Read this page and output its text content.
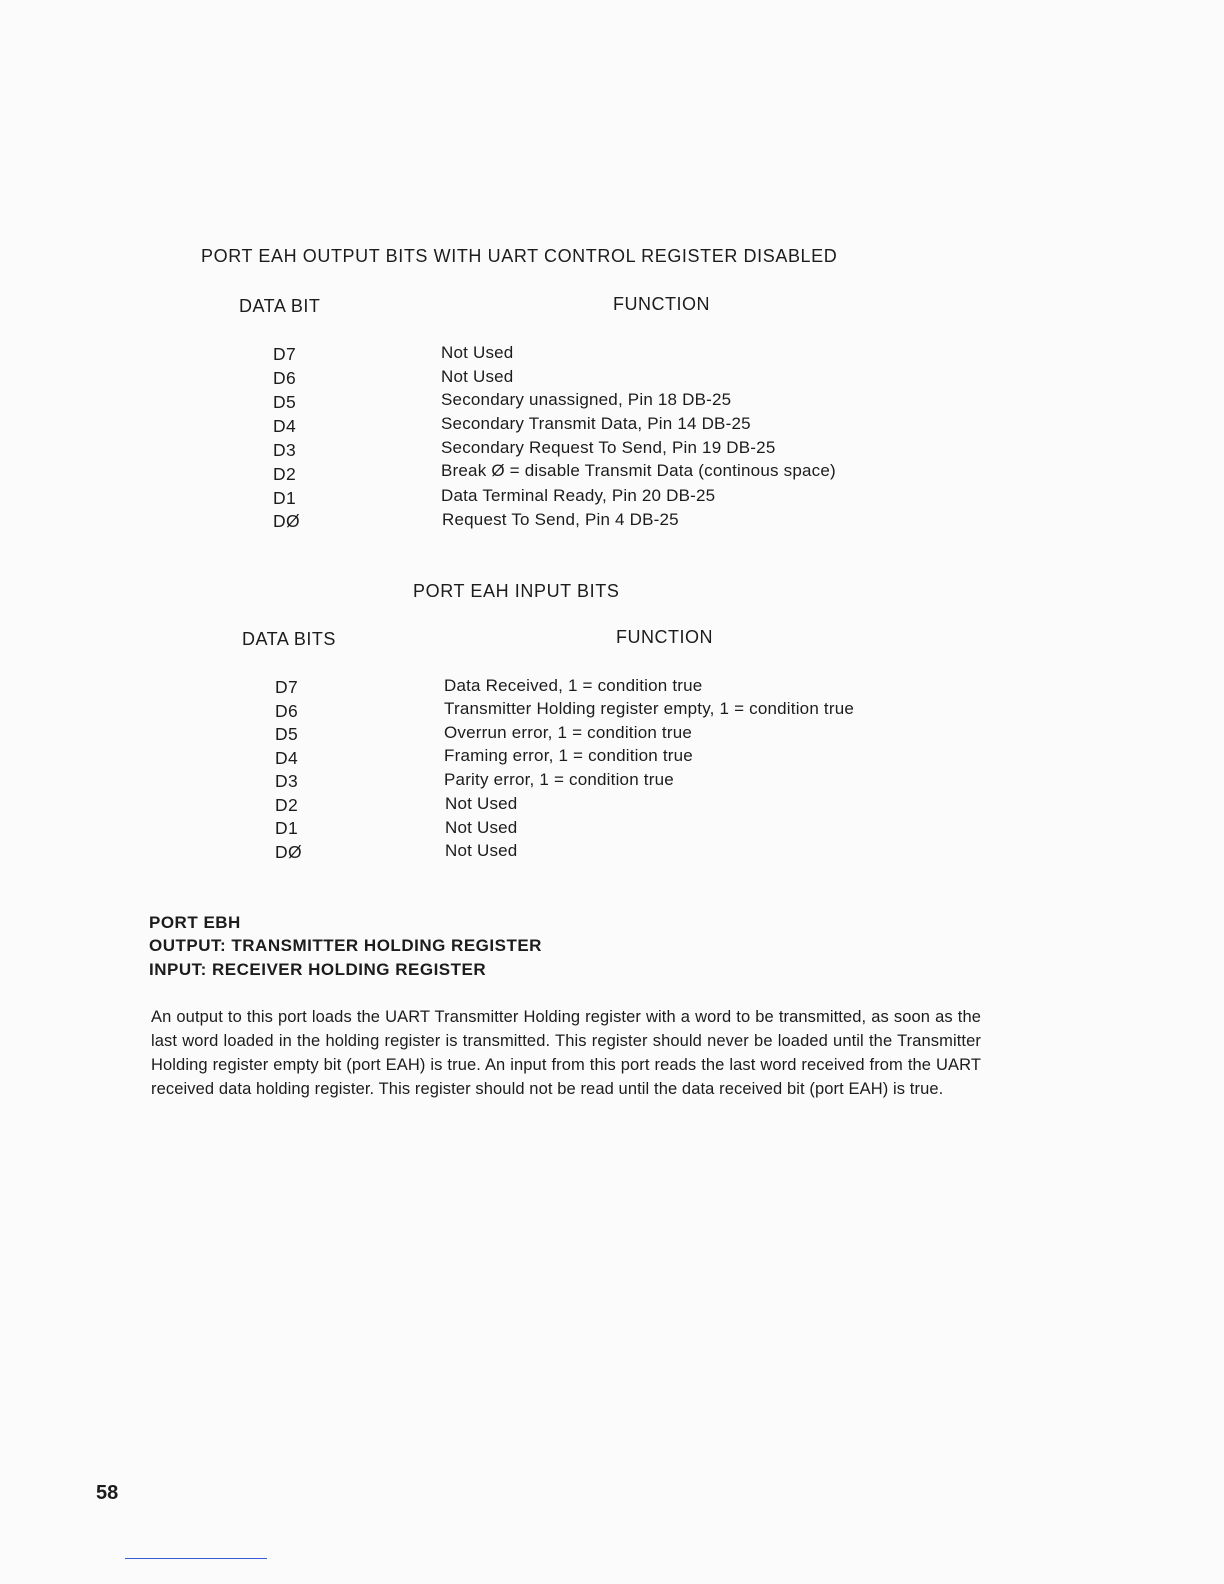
PORT EAH OUTPUT BITS WITH UART CONTROL REGISTER DISABLED
DATA BIT	FUNCTION
D7	Not Used
D6	Not Used
D5	Secondary unassigned, Pin 18 DB-25
D4	Secondary Transmit Data, Pin 14 DB-25
D3	Secondary Request To Send, Pin 19 DB-25
D2	Break Ø = disable Transmit Data (continous space)
D1	Data Terminal Ready, Pin 20 DB-25
DØ	Request To Send, Pin 4 DB-25
PORT EAH INPUT BITS
DATA BITS	FUNCTION
D7	Data Received, 1 = condition true
D6	Transmitter Holding register empty, 1 = condition true
D5	Overrun error, 1 = condition true
D4	Framing error, 1 = condition true
D3	Parity error, 1 = condition true
D2	Not Used
D1	Not Used
DØ	Not Used
PORT EBH
OUTPUT: TRANSMITTER HOLDING REGISTER
INPUT: RECEIVER HOLDING REGISTER
An output to this port loads the UART Transmitter Holding register with a word to be transmitted, as soon as the last word loaded in the holding register is transmitted. This register should never be loaded until the Transmitter Holding register empty bit (port EAH) is true. An input from this port reads the last word received from the UART received data holding register. This register should not be read until the data received bit (port EAH) is true.
58
